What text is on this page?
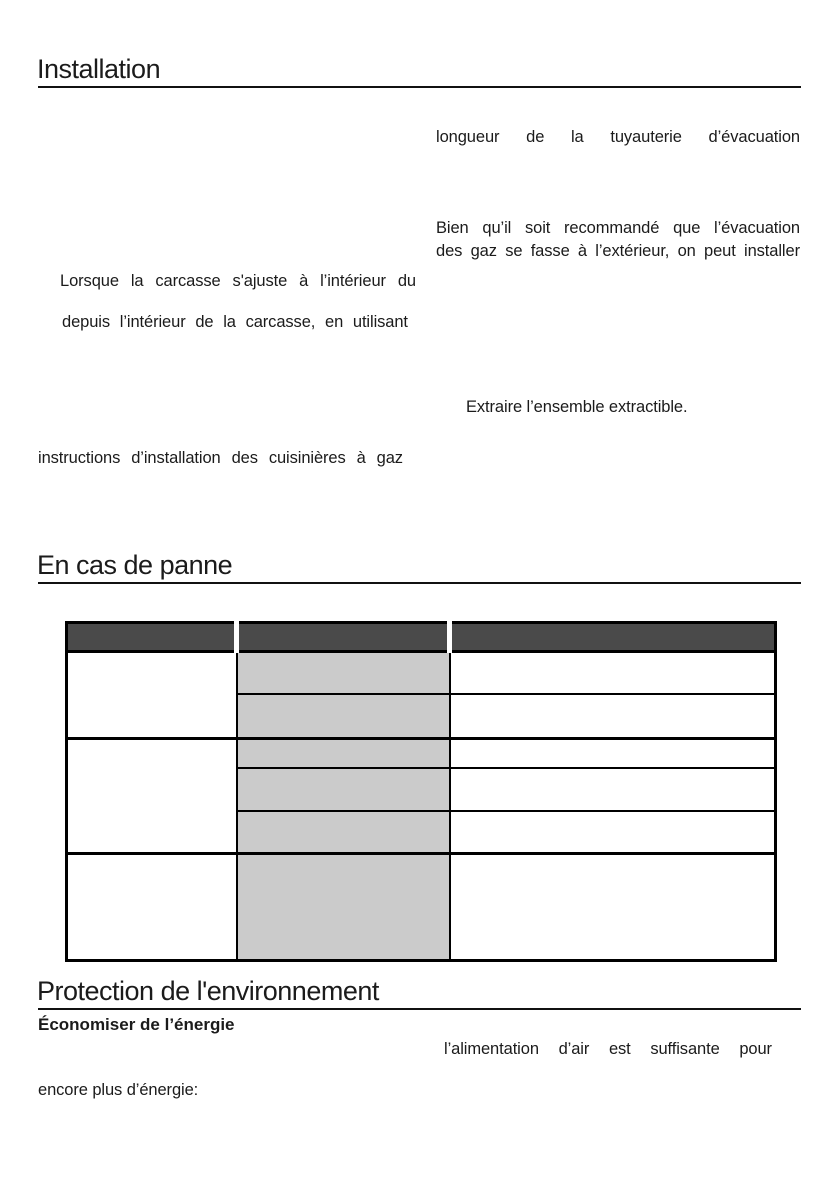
Installation
longueur de la tuyauterie d’évacuation
Bien qu’il soit recommandé que l’évacuation
des gaz se fasse à l’extérieur, on peut installer
Lorsque la carcasse s'ajuste à l’intérieur du
depuis l’intérieur de la carcasse, en utilisant
Extraire l’ensemble extractible.
instructions d’installation des cuisinières à gaz
En cas de panne

Protection de l'environnement
Économiser de l’énergie
l’alimentation d’air est suffisante pour
encore plus d’énergie:
